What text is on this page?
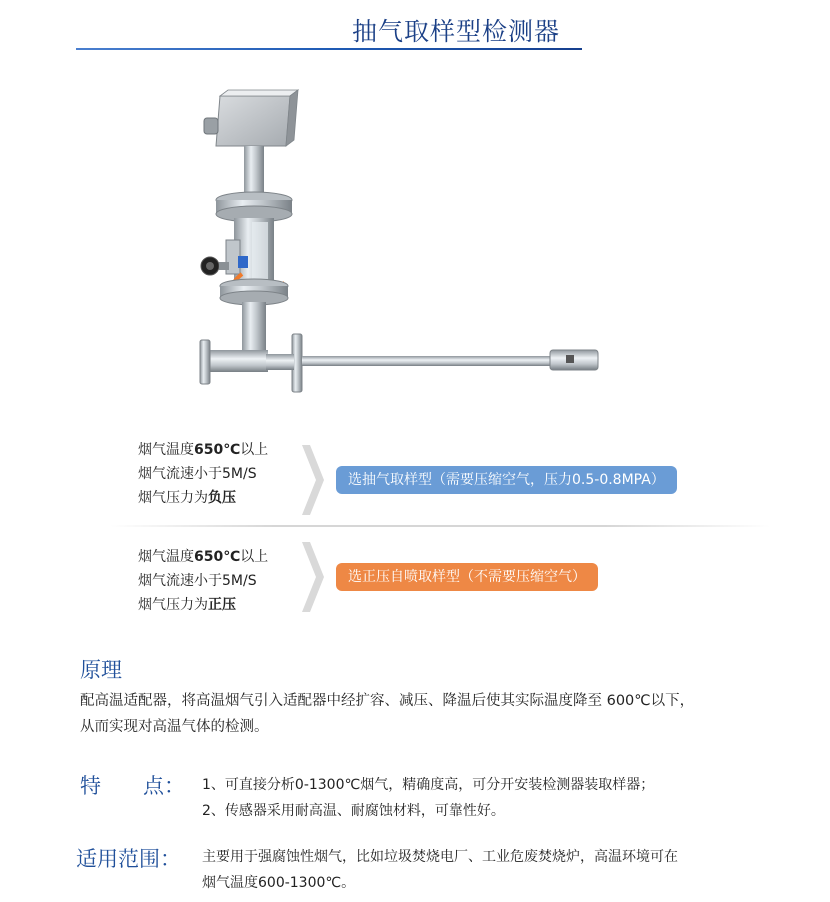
抽气取样型检测器
烟气温度650℃以上
烟气流速小于5M/S
烟气压力为负压
选抽气取样型（需要压缩空气，压力0.5-0.8MPA）
烟气温度650℃以上
烟气流速小于5M/S
烟气压力为正压
选正压自喷取样型（不需要压缩空气）
原理
配高温适配器，将高温烟气引入适配器中经扩容、减压、降温后使其实际温度降至 600℃以下，
从而实现对高温气体的检测。
特 点： 1、可直接分析0-1300℃烟气，精确度高，可分开安装检测器装取样器；
2、传感器采用耐高温、耐腐蚀材料，可靠性好。
适用范围： 主要用于强腐蚀性烟气，比如垃圾焚烧电厂、工业危废焚烧炉，高温环境可在
烟气温度600-1300℃。
